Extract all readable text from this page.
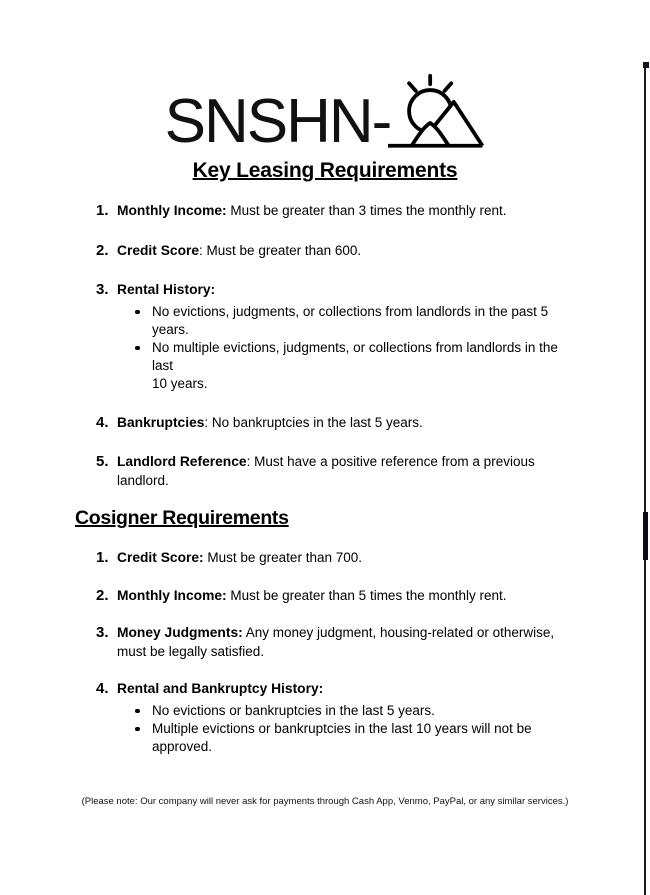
SNSHN-
Key Leasing Requirements
1. Monthly Income: Must be greater than 3 times the monthly rent.
2. Credit Score: Must be greater than 600.
3. Rental History:
No evictions, judgments, or collections from landlords in the past 5 years.
No multiple evictions, judgments, or collections from landlords in the last
10 years.
4. Bankruptcies: No bankruptcies in the last 5 years.
5. Landlord Reference: Must have a positive reference from a previous
landlord.
Cosigner Requirements
1. Credit Score: Must be greater than 700.
2. Monthly Income: Must be greater than 5 times the monthly rent.
3. Money Judgments: Any money judgment, housing-related or otherwise,
must be legally satisfied.
4. Rental and Bankruptcy History:
No evictions or bankruptcies in the last 5 years.
Multiple evictions or bankruptcies in the last 10 years will not be approved.
(Please note: Our company will never ask for payments through Cash App, Venmo, PayPal, or any similar services.)
